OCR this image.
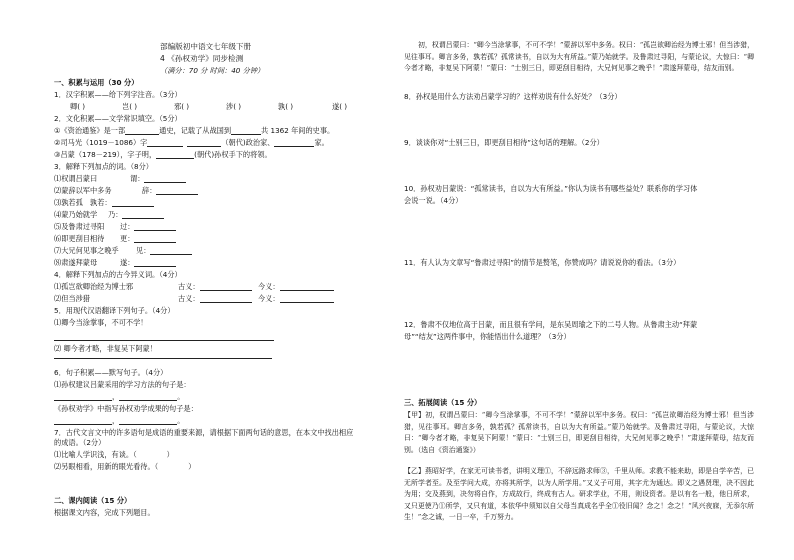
部编版初中语文七年级下册
4 《孙权劝学》同步检测
（满分：70 分 时间：40 分钟）
一、积累与运用（30 分）
1．汉字积累——给下列字注音。（3分）
卿( )	岂( )	邪( )	涉( )	孰( )	遂( )
2．文化积累——文学常识填空。（5分）
①《资治通鉴》是一部	通史，记载了从战国到	共 1362 年间的史事。
②司马光（1019－1086）字	（朝代)政治家、	家。
③吕蒙（178－219），字子明，	(朝代)孙权手下的将领。
3．解释下列加点的词。（8分）
⑴权谓吕蒙曰	谓：
⑵蒙辞以军中多务	辞：
⑶孰若孤 孰若：
⑷蒙乃始就学 乃：
⑸及鲁肃过寻阳 过：
⑹即更刮目相待 更：
⑺大兄何见事之晚乎 见：
⑻肃遂拜蒙母	遂：
4．解释下列加点的古今异义词。（4分）
⑴孤岂欲卿治经为博士邪	古义：	今义：
⑵但当涉猎	古义：	今义：
5．用现代汉语翻译下列句子。（4分）
⑴卿今当涂掌事，不可不学！
⑵ 卿今者才略，非复吴下阿蒙！
6．句子积累——默写句子。（4分）
⑴孙权建议吕蒙采用的学习方法的句子是：
，	。
《孙权劝学》中指写孙权劝学成果的句子是：
，	。
7．古代文言文中的许多语句是成语的重要来源，请根据下面两句话的意思，在本文中找出相应
的成语。（2分）
⑴比喻人学识浅，有谈。（	）
⑵另眼相看，用新的眼光看待。（	）
二、课内阅读（15 分）
根据课文内容，完成下列题目。
初，权谓吕蒙曰：“卿今当涂掌事，不可不学！”蒙辞以军中多务。权曰：“孤岂欲卿治经为博士邪！但当涉猎，见往事耳。卿言多务，孰若孤？孤常读书，自以为大有所益。”蒙乃始就学。及鲁肃过寻阳，与蒙论议，大惊曰：“卿今者才略，非复吴下阿蒙！”蒙曰：“士别三日，即更刮目相待，大兄何见事之晚乎！”肃遂拜蒙母，结友而别。
8．孙权是用什么方法劝吕蒙学习的？这样劝说有什么好处？（3分）
9．谈谈你对“士别三日，即更刮目相待”这句话的理解。（2分）
10．孙权劝吕蒙说：“孤常读书，自以为大有所益。”你认为读书有哪些益处？联系你的学习体
会说一说。（4分）
11．有人认为文章写“鲁肃过寻阳”的情节是赘笔，你赞成吗？请说说你的看法。（3分）
12．鲁肃不仅地位高于吕蒙，而且很有学问，是东吴周瑜之下的二号人物。从鲁肃主动“拜蒙
母”“结友”这两件事中，你能悟出什么道理？（3分）
三、拓展阅读（15 分）
【甲】初，权谓吕蒙曰：“卿今当涂掌事，不可不学！”蒙辞以军中多务。权曰：“孤岂欲卿治经为博士邪！但当涉猎，见往事耳。卿言多务，孰若孤？孤常读书，自以为大有所益。”蒙乃始就学。及鲁肃过寻阳，与蒙论议，大惊曰：“卿今者才略，非复吴下阿蒙！”蒙曰：“士别三日，即更刮目相待，大兄何见事之晚乎！”肃遂拜蒙母，结友而别。（选自《资治通鉴》）
【乙】燕昭好学，在家无可读书者，讲明义理①，不辞远路求师③，千里从师。求教不能来助，即是自学辛苦，已无所学者至。及至学问大成，亦将其所学，以为人所学用。”又义子可用，其字尤为通达。即义之遇贤理，决不因此为用；交及燕到，决勿将自作，方成故行，终成有古人。研求学业，不用，则设资者。是以有名一般，他日所求，又只更使乃①所学，又只有道，本依华中须知以自父母当真成名乎全①役旧闻？念之！念之！“风兴夜寐，无忝尔所生！”念之诚，一日一卒，千万努力。
